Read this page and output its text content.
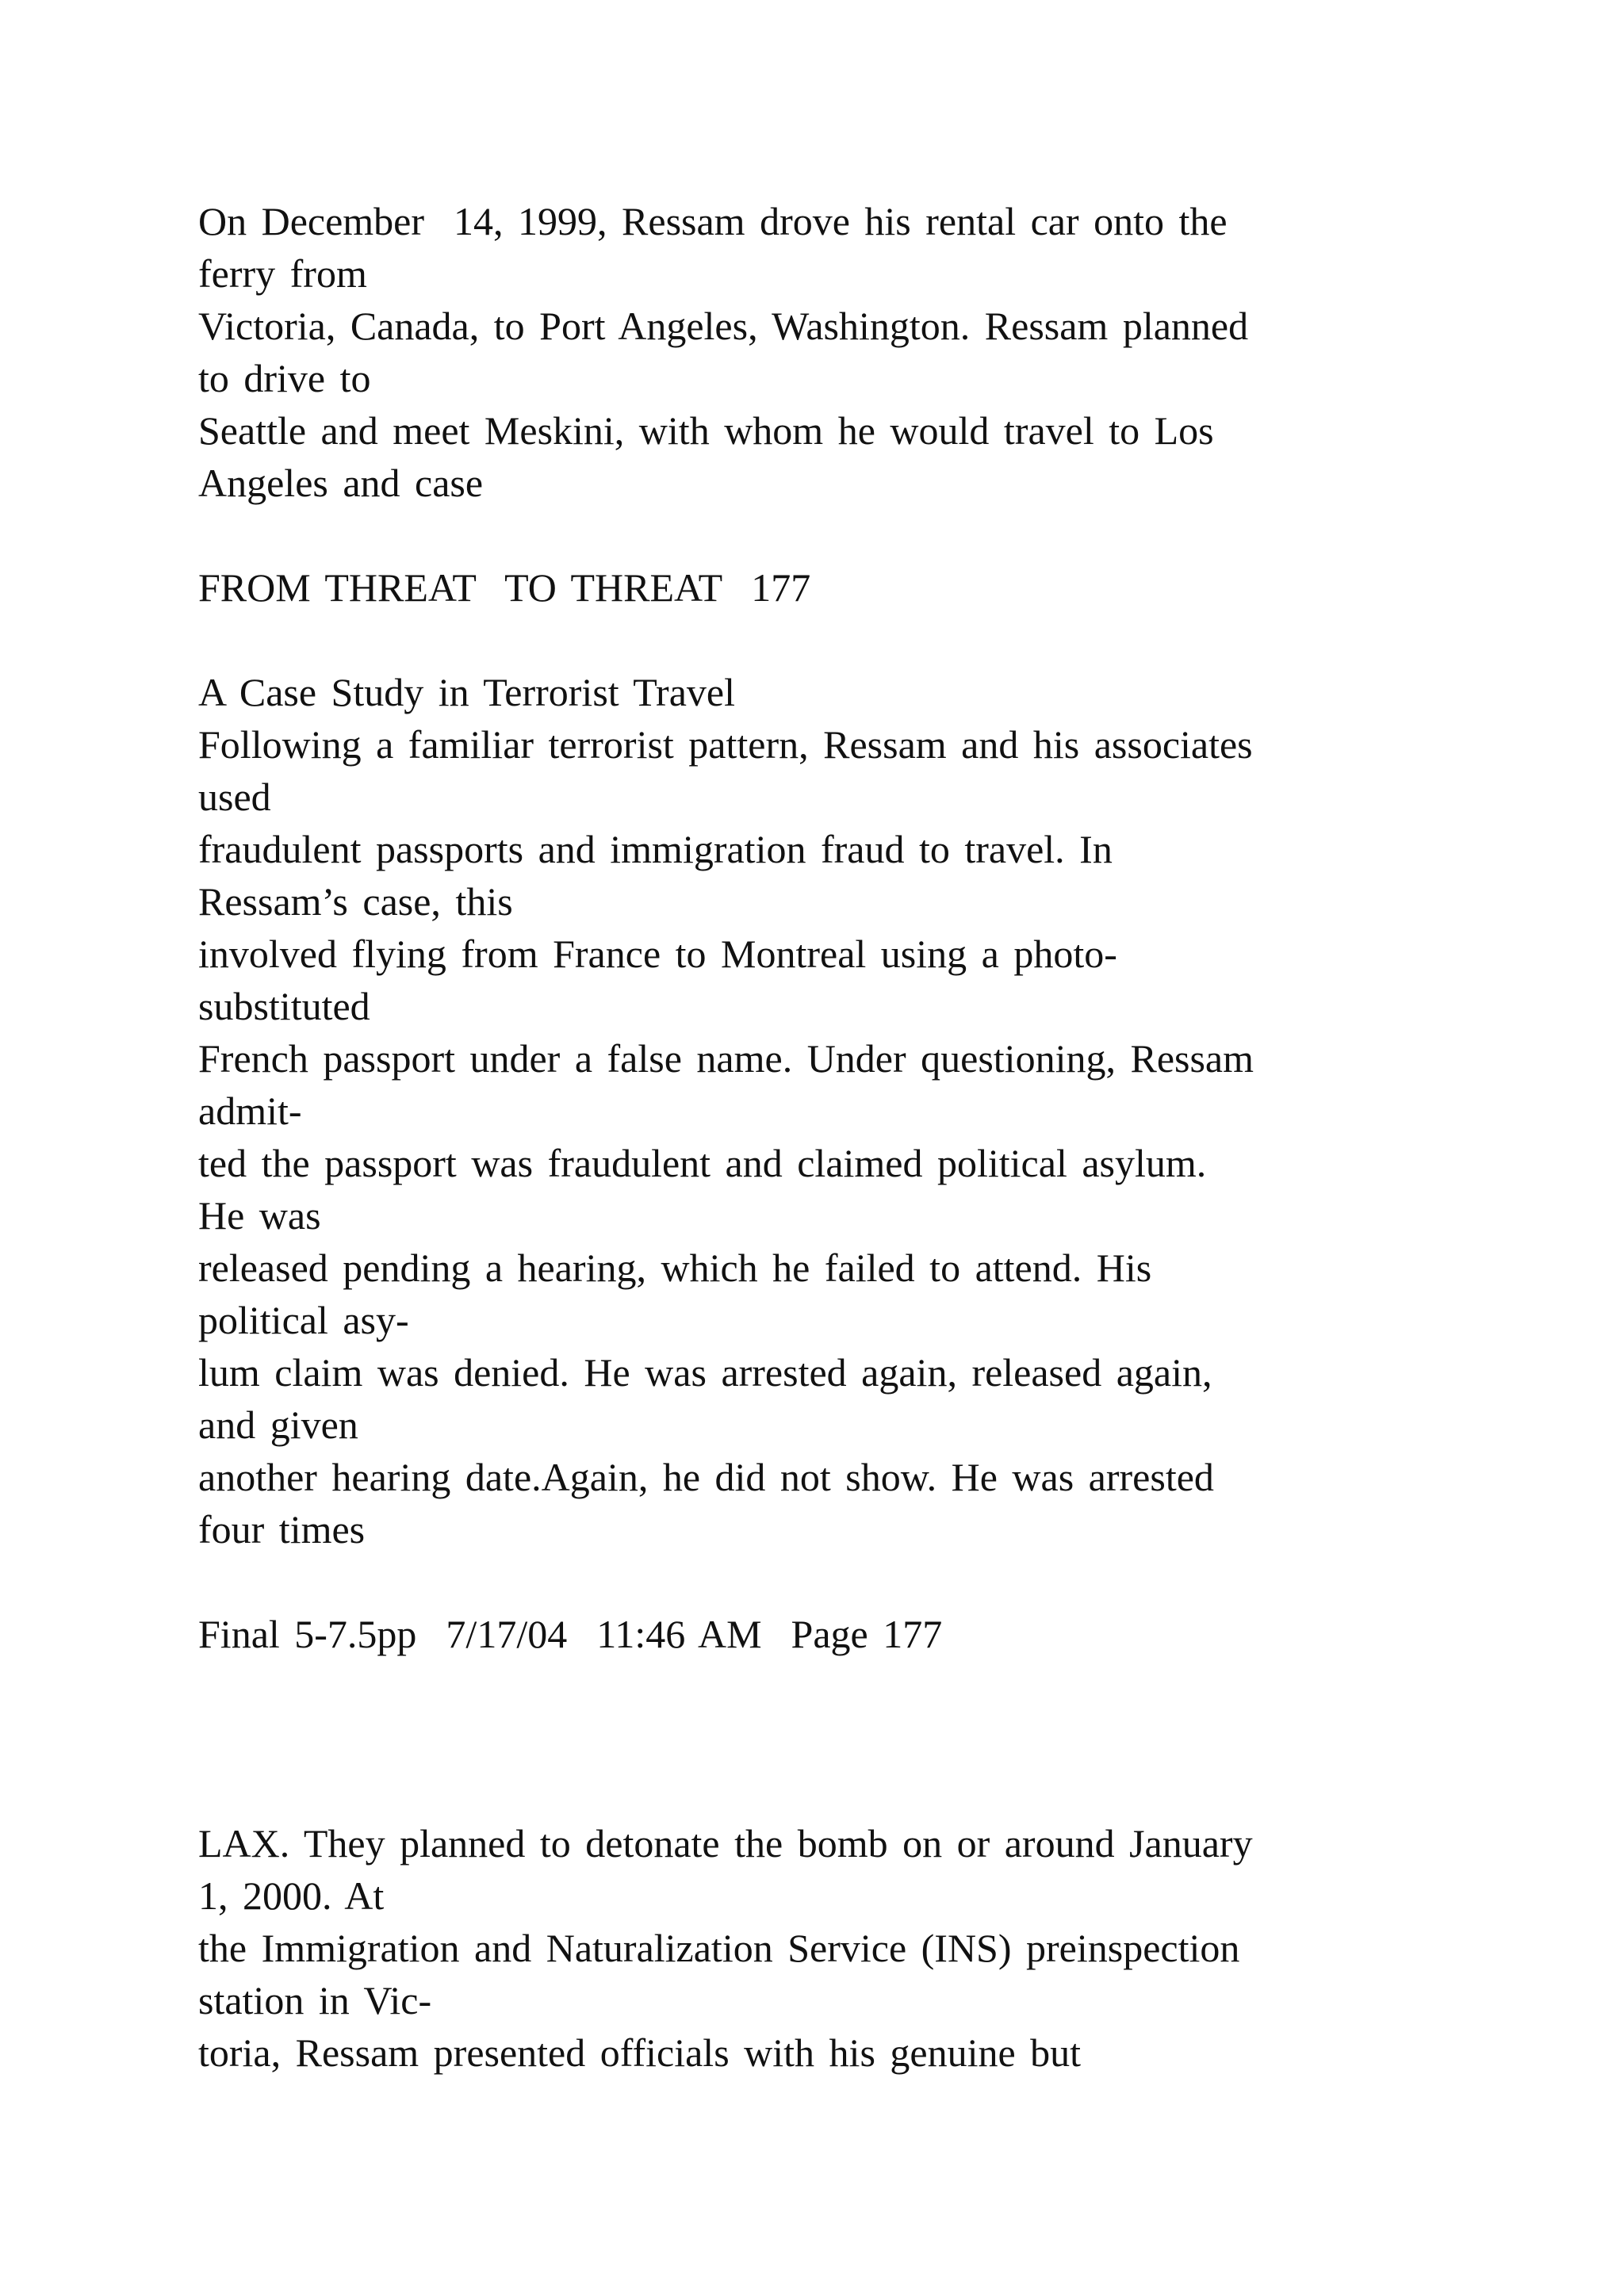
On December  14, 1999, Ressam drove his rental car onto the
ferry from
Victoria, Canada, to Port Angeles, Washington. Ressam planned
to drive to
Seattle and meet Meskini, with whom he would travel to Los
Angeles and case
FROM THREAT  TO THREAT  177
A Case Study in Terrorist Travel
Following a familiar terrorist pattern, Ressam and his associates
used
fraudulent passports and immigration fraud to travel. In
Ressam’s case, this
involved flying from France to Montreal using a photo-
substituted
French passport under a false name. Under questioning, Ressam
admit-
ted the passport was fraudulent and claimed political asylum.
He was
released pending a hearing, which he failed to attend. His
political asy-
lum claim was denied. He was arrested again, released again,
and given
another hearing date.Again, he did not show. He was arrested
four times
Final 5-7.5pp  7/17/04  11:46 AM  Page 177
LAX. They planned to detonate the bomb on or around January
1, 2000. At
the Immigration and Naturalization Service (INS) preinspection
station in Vic-
toria, Ressam presented officials with his genuine but
